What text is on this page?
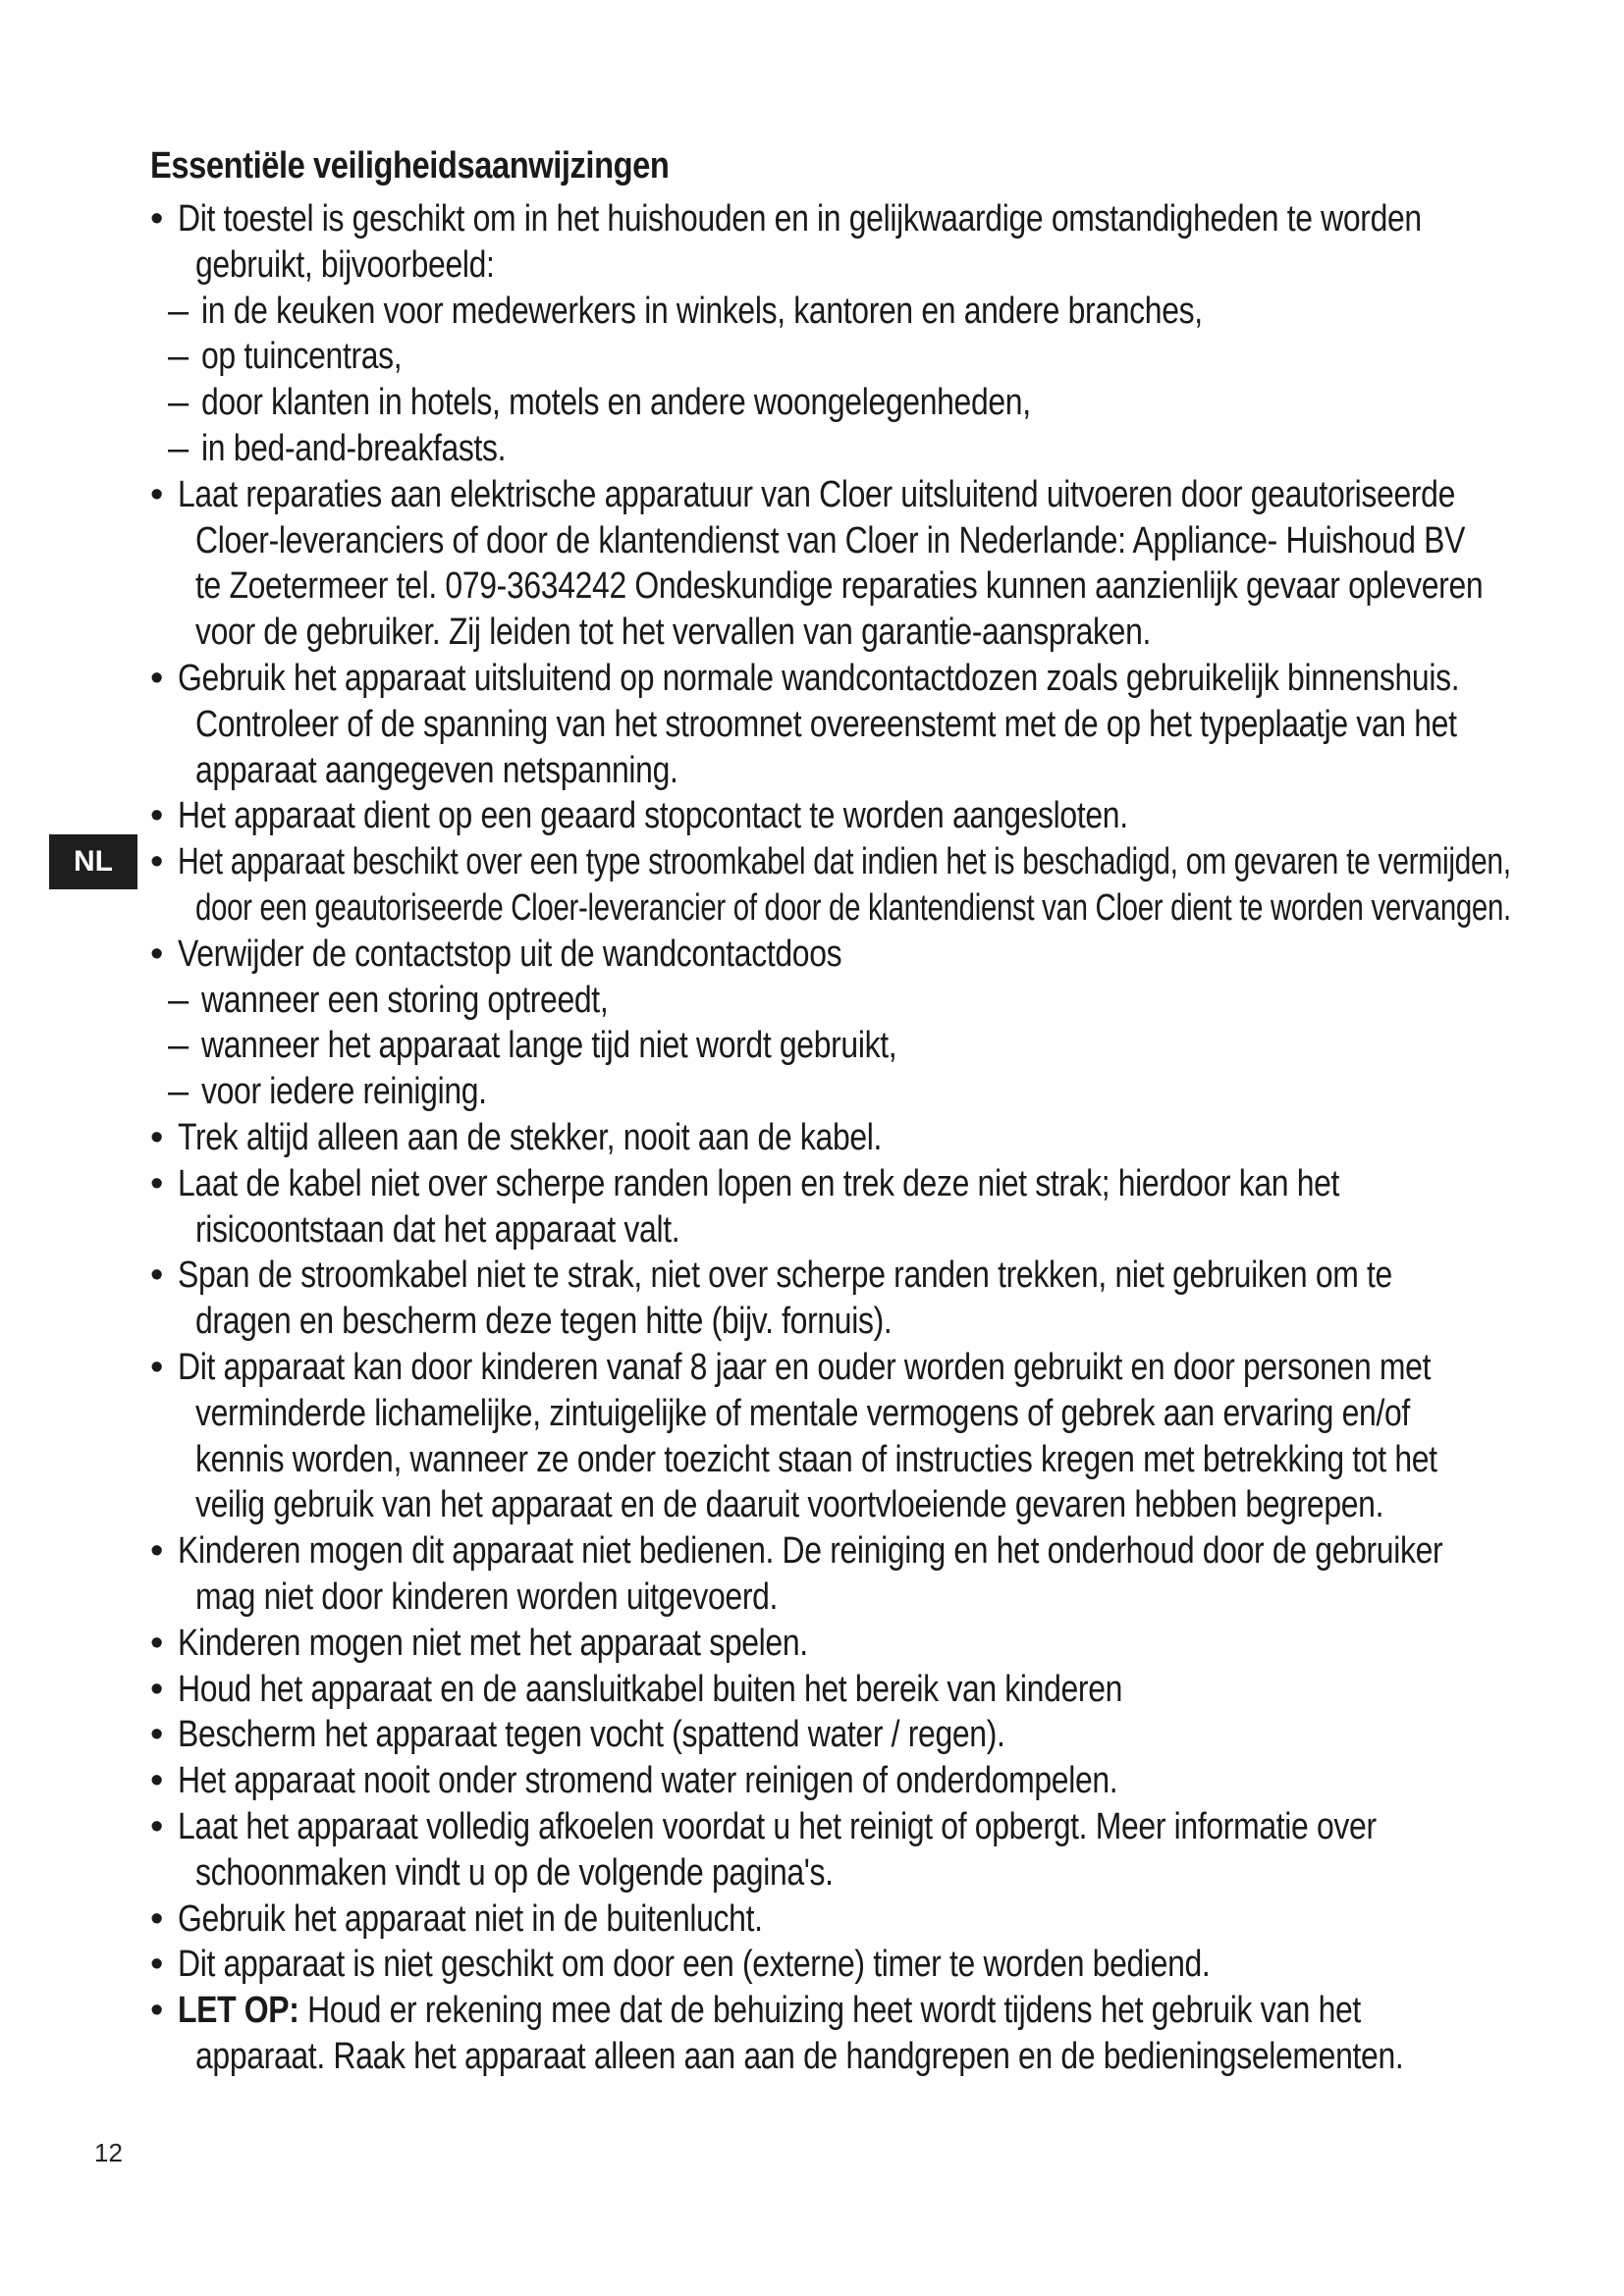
Essentiële veiligheidsaanwijzingen
NL
• Dit toestel is geschikt om in het huishouden en in gelijkwaardige omstandigheden te worden
gebruikt, bijvoorbeeld:
– in de keuken voor medewerkers in winkels, kantoren en andere branches,
– op tuincentras,
– door klanten in hotels, motels en andere woongelegenheden,
– in bed-and-breakfasts.
• Laat reparaties aan elektrische apparatuur van Cloer uitsluitend uitvoeren door geautoriseerde
Cloer-leveranciers of door de klantendienst van Cloer in Nederlande: Appliance- Huishoud BV
te Zoetermeer tel. 079-3634242 Ondeskundige reparaties kunnen aanzienlijk gevaar opleveren
voor de gebruiker. Zij leiden tot het vervallen van garantie-aanspraken.
• Gebruik het apparaat uitsluitend op normale wandcontactdozen zoals gebruikelijk binnenshuis.
Controleer of de spanning van het stroomnet overeenstemt met de op het typeplaatje van het
apparaat aangegeven netspanning.
• Het apparaat dient op een geaard stopcontact te worden aangesloten.
• Het apparaat beschikt over een type stroomkabel dat indien het is beschadigd, om gevaren te vermijden,
door een geautoriseerde Cloer-leverancier of door de klantendienst van Cloer dient te worden vervangen.
• Verwijder de contactstop uit de wandcontactdoos
– wanneer een storing optreedt,
– wanneer het apparaat lange tijd niet wordt gebruikt,
– voor iedere reiniging.
• Trek altijd alleen aan de stekker, nooit aan de kabel.
• Laat de kabel niet over scherpe randen lopen en trek deze niet strak; hierdoor kan het
risicoontstaan dat het apparaat valt.
• Span de stroomkabel niet te strak, niet over scherpe randen trekken, niet gebruiken om te
dragen en bescherm deze tegen hitte (bijv. fornuis).
• Dit apparaat kan door kinderen vanaf 8 jaar en ouder worden gebruikt en door personen met
verminderde lichamelijke, zintuigelijke of mentale vermogens of gebrek aan ervaring en/of
kennis worden, wanneer ze onder toezicht staan of instructies kregen met betrekking tot het
veilig gebruik van het apparaat en de daaruit voortvloeiende gevaren hebben begrepen.
• Kinderen mogen dit apparaat niet bedienen. De reiniging en het onderhoud door de gebruiker
mag niet door kinderen worden uitgevoerd.
• Kinderen mogen niet met het apparaat spelen.
• Houd het apparaat en de aansluitkabel buiten het bereik van kinderen
• Bescherm het apparaat tegen vocht (spattend water / regen).
• Het apparaat nooit onder stromend water reinigen of onderdompelen.
• Laat het apparaat volledig afkoelen voordat u het reinigt of opbergt. Meer informatie over
schoonmaken vindt u op de volgende pagina's.
• Gebruik het apparaat niet in de buitenlucht.
• Dit apparaat is niet geschikt om door een (externe) timer te worden bediend.
• LET OP: Houd er rekening mee dat de behuizing heet wordt tijdens het gebruik van het
apparaat. Raak het apparaat alleen aan aan de handgrepen en de bedieningselementen.
12
